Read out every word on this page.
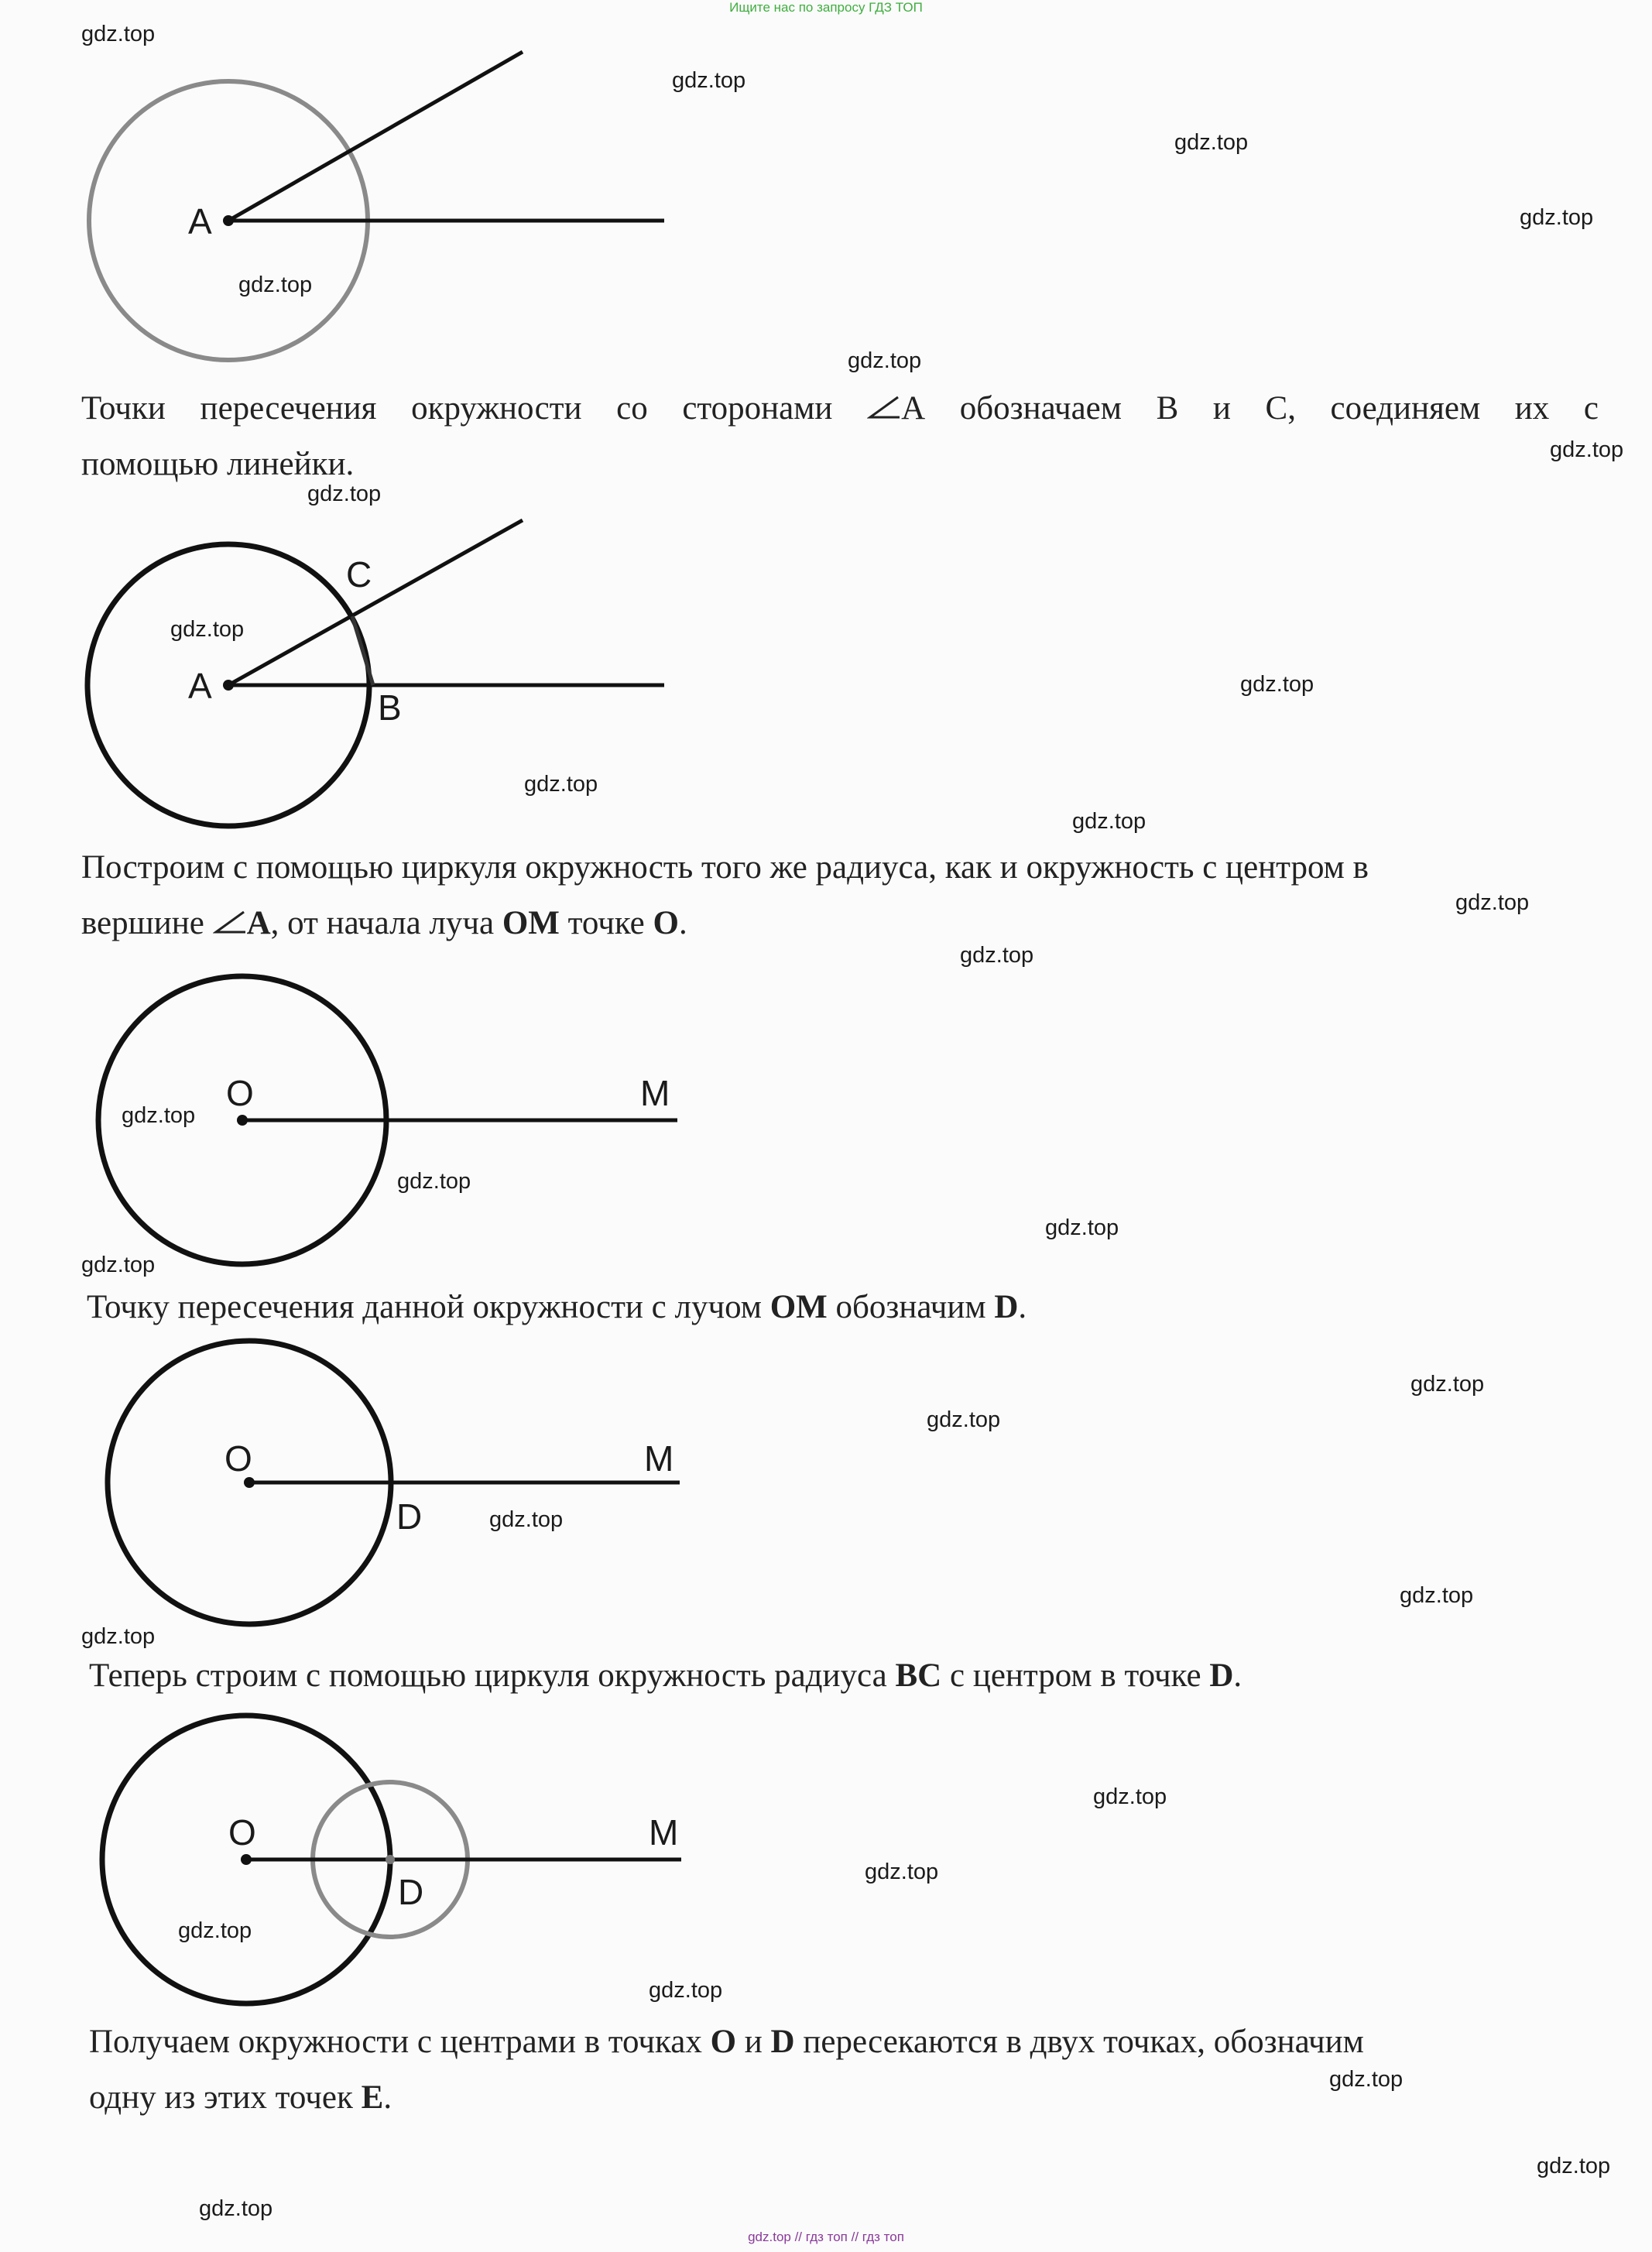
Ищите нас по запросу ГДЗ ТОП
gdz.top // гдз топ // гдз топ
gdz.top
gdz.top
gdz.top
gdz.top
gdz.top
gdz.top
gdz.top
gdz.top
gdz.top
gdz.top
gdz.top
gdz.top
gdz.top
gdz.top
gdz.top
gdz.top
gdz.top
gdz.top
gdz.top
gdz.top
gdz.top
gdz.top
gdz.top
gdz.top
gdz.top
gdz.top
gdz.top
gdz.top
gdz.top
gdz.top
A
Точки пересечения окружности со сторонами А обозначаем В и С, соединяем их с
помощью линейки.
A
C
B
Построим с помощью циркуля окружность того же радиуса, как и окружность с центром в
вершине А, от начала луча ОМ точке О.
O	M
Точку пересечения данной окружности с лучом ОМ обозначим D.
O	M
D
Теперь строим с помощью циркуля окружность радиуса ВС с центром в точке D.
O	M
D
Получаем окружности с центрами в точках О и D пересекаются в двух точках, обозначим
одну из этих точек Е.
